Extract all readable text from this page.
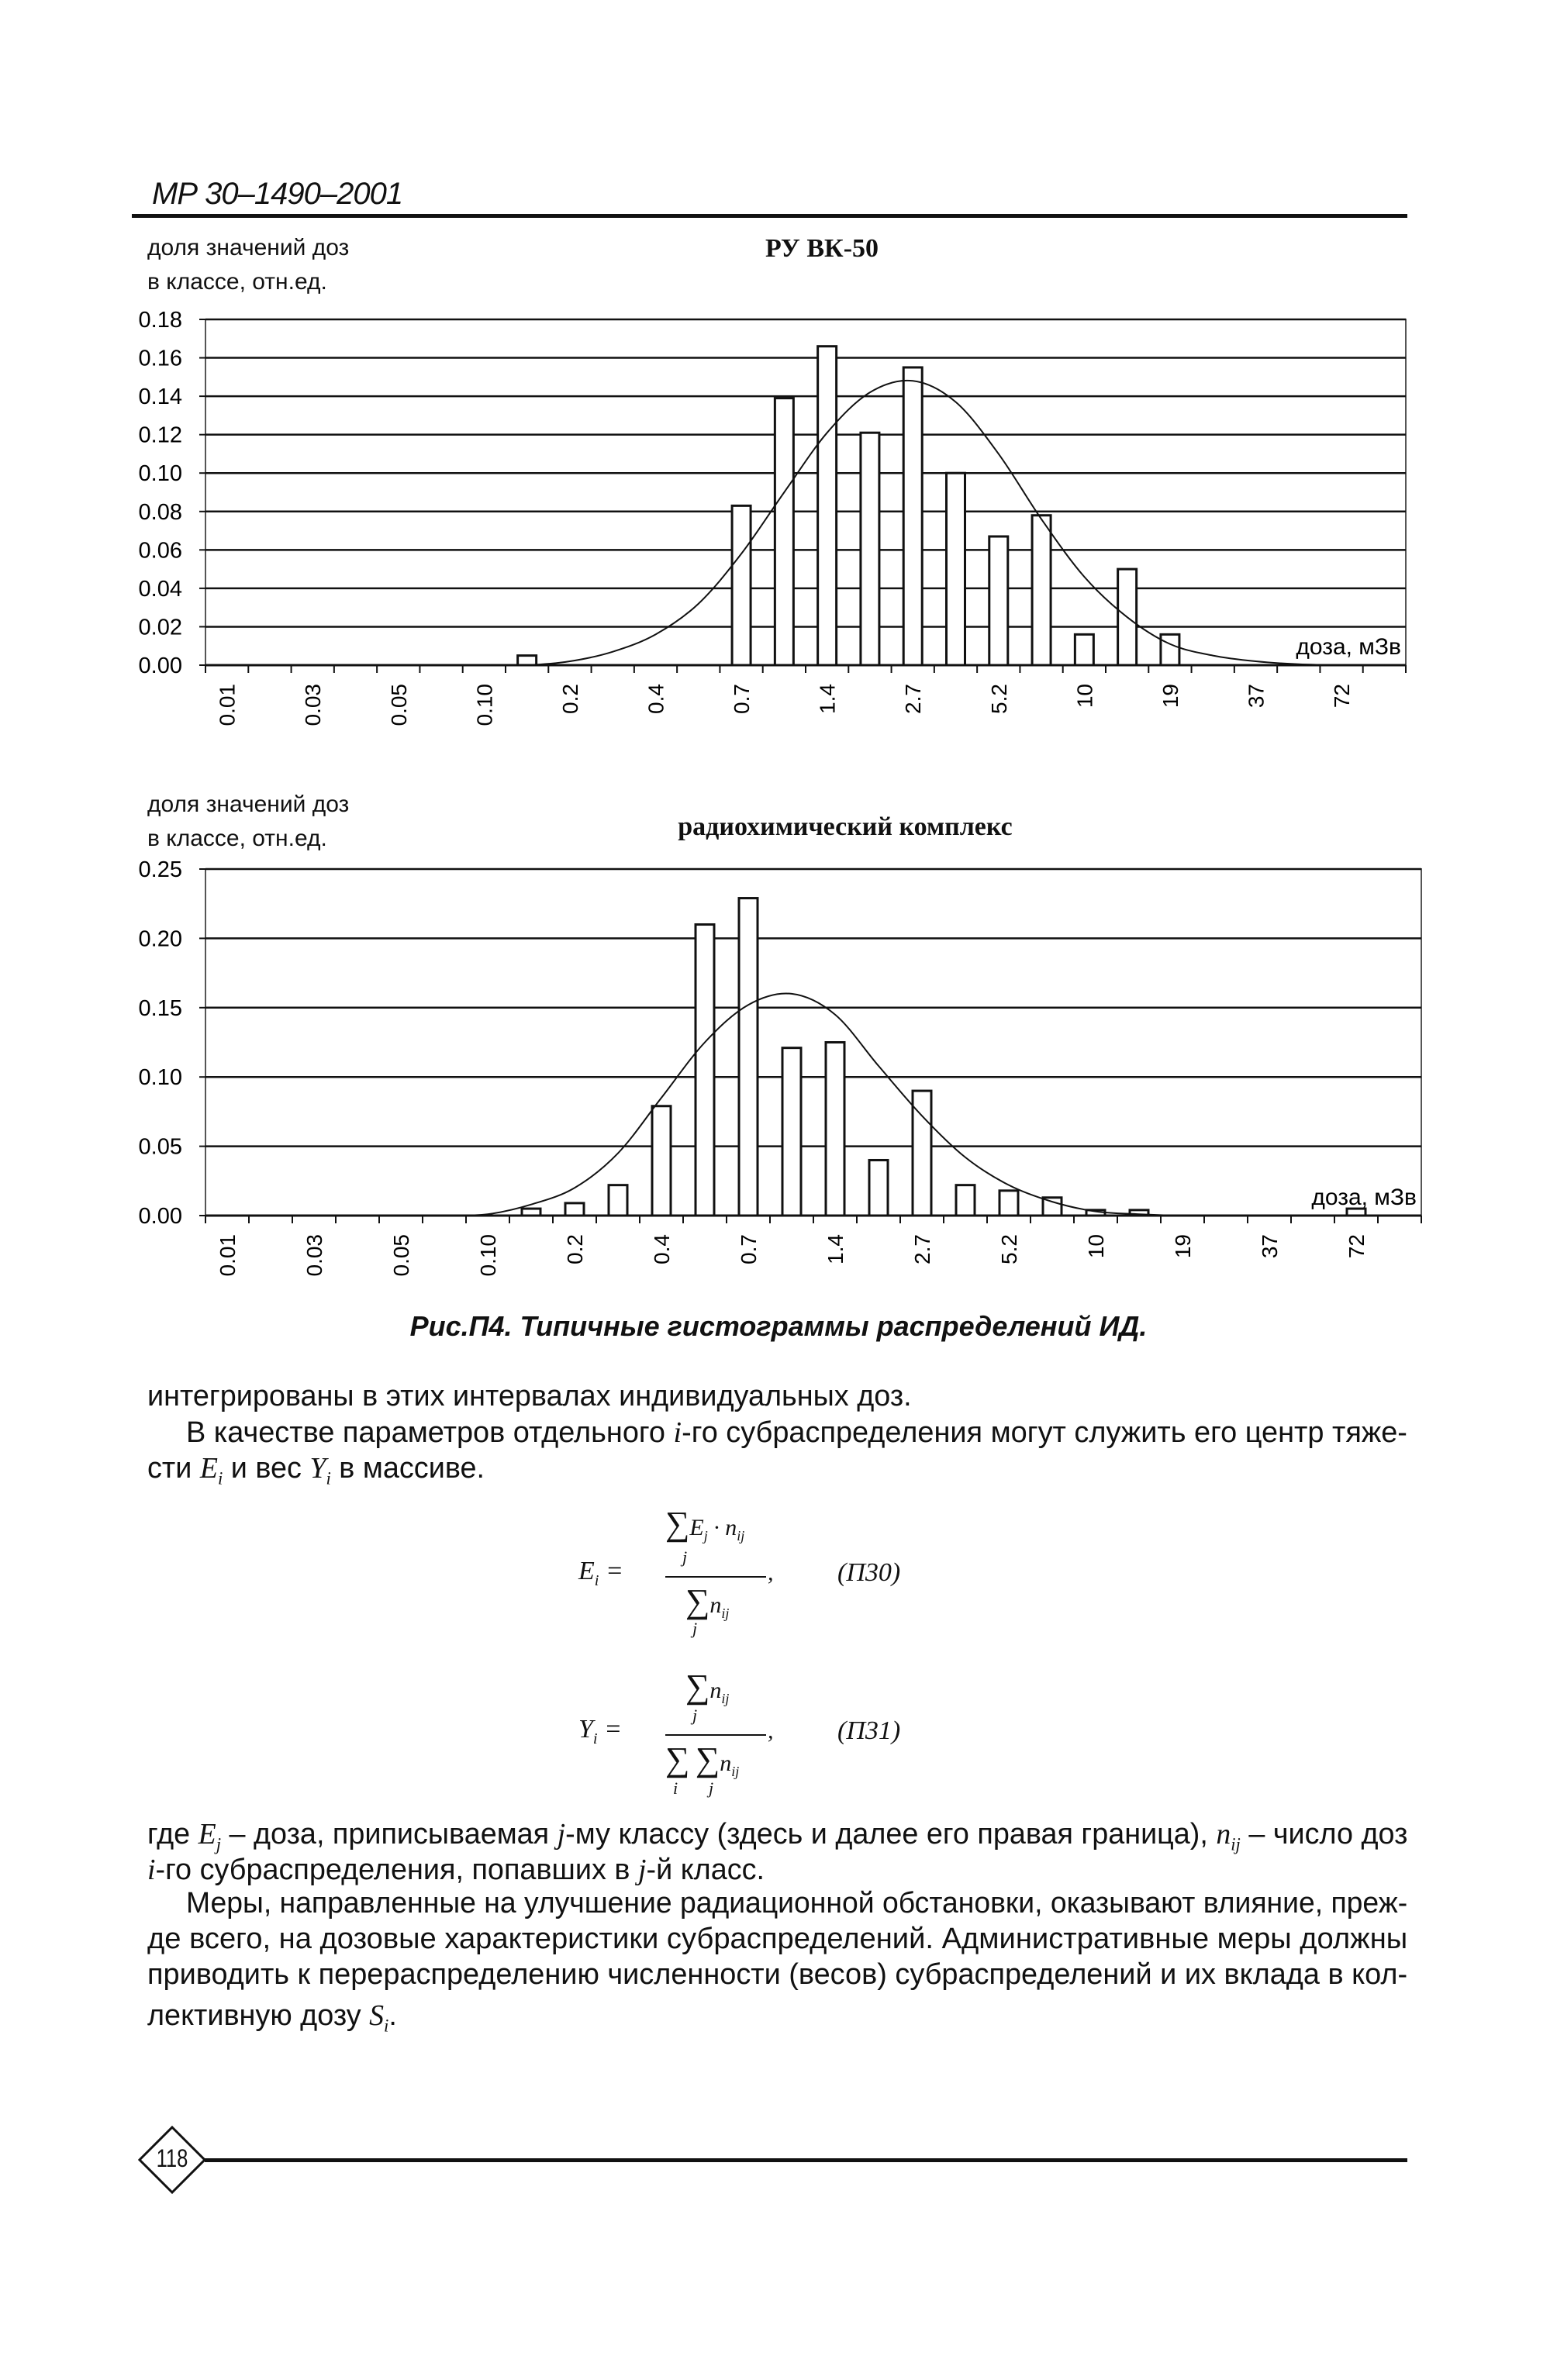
МР 30–1490–2001
доля значений доз
в классе, отн.ед.
РУ ВК-50
0.00
0.02
0.04
0.06
0.08
0.10
0.12
0.14
0.16
0.18
0.01	0.03	0.05	0.10	0.2	0.4	0.7	1.4	2.7	5.2	10	19	37	72
доза, мЗв
доля значений доз
в классе, отн.ед.	радиохимический комплекс
0.00
0.05
0.10
0.15
0.20
0.25
0.01	0.03	0.05	0.10	0.2	0.4	0.7	1.4	2.7	5.2	10	19	37	72
доза, мЗв
Рис.П4. Типичные гистограммы распределений ИД.
интегрированы в этих интервалах индивидуальных доз.
В качестве параметров отдельного i-го субраспределения могут служить его центр тяже-
сти $E_i$ и вес $Y_i$ в массиве.
где $E_j$ – доза, приписываемая j-му классу (здесь и далее его правая граница), $n_{ij}$ – число доз
i-го субраспределения, попавших в j-й класс.
Меры, направленные на улучшение радиационной обстановки, оказывают влияние, преж-
де всего, на дозовые характеристики субраспределений. Административные меры должны
приводить к перераспределению численности (весов) субраспределений и их вклада в кол-
лективную дозу $S_i$.
$E_i$ =
$\sum E_j \cdot n_{ij}$
j
,
$\sum n_{ij}$
j
(П30)
$Y_i$ =
$\sum n_{ij}$
j
,
∑ $\sum n_{ij}$
i j
(П31)
118
